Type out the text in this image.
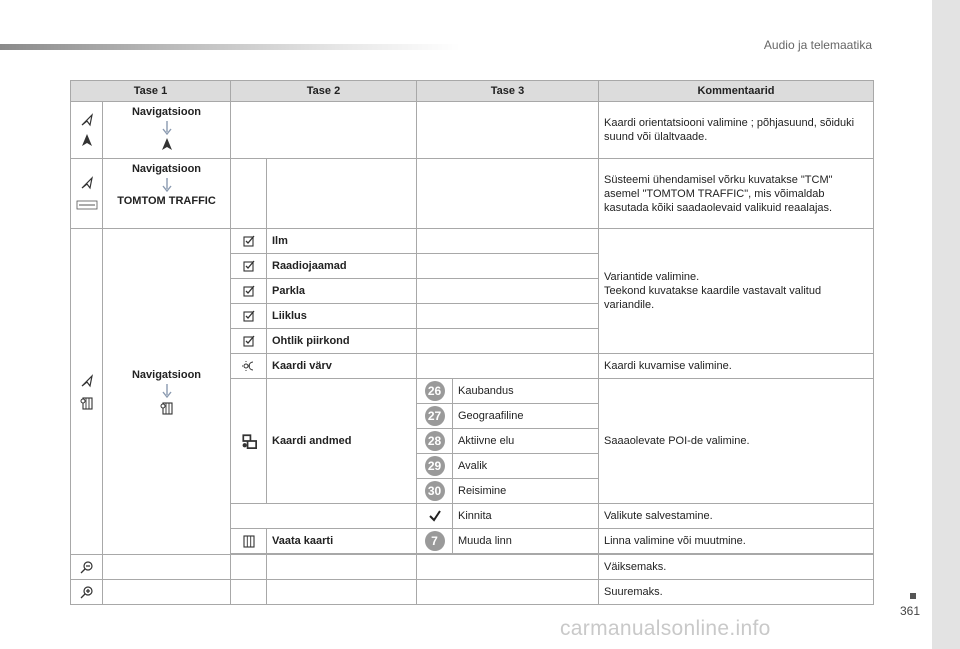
Audio ja telemaatika
Tase 1		Tase 2		Tase 3		Kommentaarid

	Navigatsioon					Kaardi orientatsiooni valimine ; põhjasuund, sõiduki suund või ülaltvaade.

	Navigatsioon
TOMTOM TRAFFIC					Süsteemi ühendamisel võrku kuvatakse "TCM" asemel "TOMTOM TRAFFIC", mis võimaldab kasutada kõiki saadaolevaid valikuid reaalajas.

	Navigatsioon		Ilm			Variantide valimine.
Teekond kuvatakse kaardile vastavalt valitud variandile.
	Raadiojaamad			
	Parkla			
	Liiklus			
	Ohtlik piirkond			
	Kaardi värv			Kaardi kuvamise valimine.
	Kaardi andmed	26	Kaubandus	Saaaolevate POI-de valimine.
				27	Geograafiline	
				28	Aktiivne elu	
				29	Avalik	
				30	Reisimine	
		Kinnita	Valikute salvestamine.
	Vaata kaarti	7	Muuda linn	Linna valimine või muutmine.

					Väiksemaks.
					Suuremaks.
361
carmanualsonline.info
